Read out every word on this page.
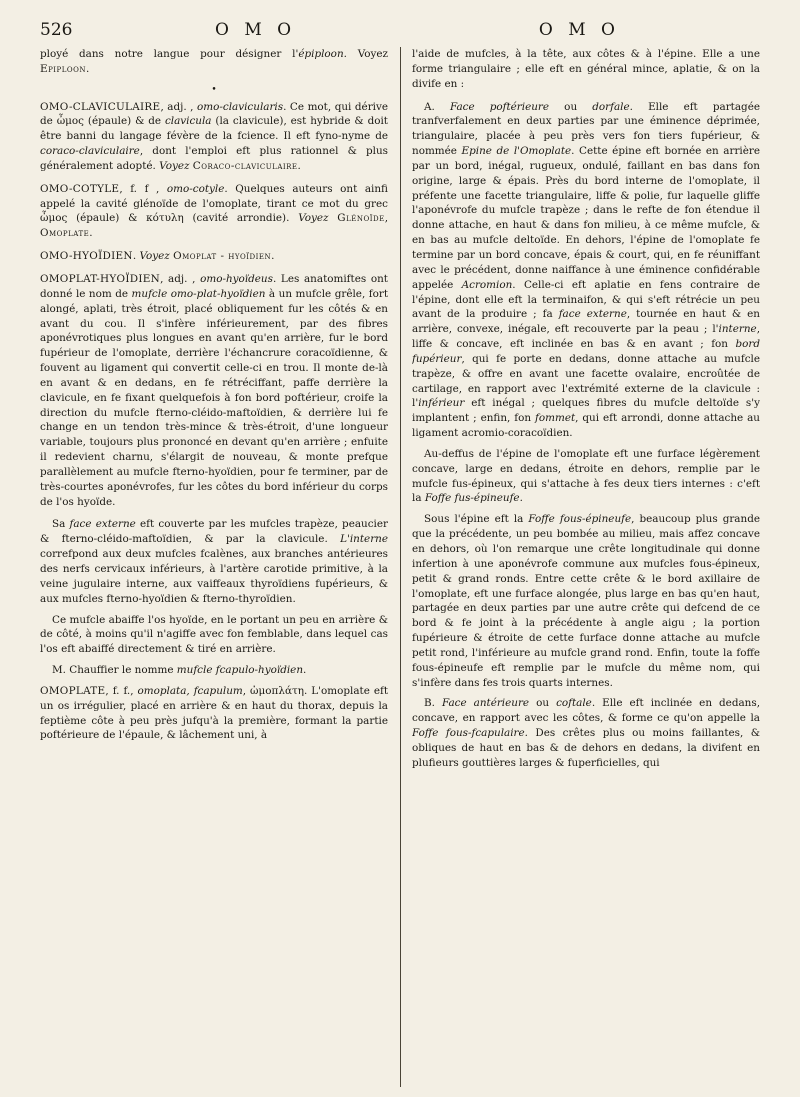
526	O M O	O M O

ployé dans notre langue pour désigner l'épiploon. Voyez Epiploon.

•

OMO-CLAVICULAIRE, adj. , omo-clavicularis. Ce mot, qui dérive de ὦμος (épaule) & de clavicula (la clavicule), est hybride & doit être banni du langage févère de la fcience. Il eft fyno-nyme de coraco-claviculaire, dont l'emploi eft plus rationnel & plus généralement adopté. Voyez Coraco-claviculaire.

OMO-COTYLE, f. f , omo-cotyle. Quelques auteurs ont ainfi appelé la cavité glénoïde de l'omoplate, tirant ce mot du grec ὦμος (épaule) & κότυλη (cavité arrondie). Voyez Glénoïde, Omoplate.

OMO-HYOÏDIEN. Voyez Omoplat - hyoïdien.

OMOPLAT-HYOÏDIEN, adj. , omo-hyoïdeus. Les anatomiftes ont donné le nom de mufcle omo-plat-hyoïdien à un mufcle grêle, fort alongé, aplati, très étroit, placé obliquement fur les côtés & en avant du cou. Il s'infère inférieurement, par des fibres aponévrotiques plus longues en avant qu'en arrière, fur le bord fupérieur de l'omoplate, derrière l'échancrure coracoïdienne, & fouvent au ligament qui convertit celle-ci en trou. Il monte de-là en avant & en dedans, en fe rétréciffant, paffe derrière la clavicule, en fe fixant quelquefois à fon bord poftérieur, croife la direction du mufcle fterno-cléido-maftoïdien, & derrière lui fe change en un tendon très-mince & très-étroit, d'une longueur variable, toujours plus prononcé en devant qu'en arrière ; enfuite il redevient charnu, s'élargit de nouveau, & monte prefque parallèlement au mufcle fterno-hyoïdien, pour fe terminer, par de très-courtes aponévrofes, fur les côtes du bord inférieur du corps de l'os hyoïde.

Sa face externe eft couverte par les mufcles trapèze, peaucier & fterno-cléido-maftoïdien, & par la clavicule. L'interne correfpond aux deux mufcles fcalènes, aux branches antérieures des nerfs cervicaux inférieurs, à l'artère carotide primitive, à la veine jugulaire interne, aux vaiffeaux thyroïdiens fupérieurs, & aux mufcles fterno-hyoïdien & fterno-thyroïdien.

Ce mufcle abaiffe l'os hyoïde, en le portant un peu en arrière & de côté, à moins qu'il n'agiffe avec fon femblable, dans lequel cas l'os eft abaiffé directement & tiré en arrière.

M. Chauffier le nomme mufcle fcapulo-hyoïdien.

OMOPLATE, f. f., omoplata, fcapulum, ὠμοπλάτη. L'omoplate eft un os irrégulier, placé en arrière & en haut du thorax, depuis la feptième côte à peu près jufqu'à la première, formant la partie poftérieure de l'épaule, & lâchement uni, à

l'aide de mufcles, à la tête, aux côtes & à l'épine. Elle a une forme triangulaire ; elle eft en général mince, aplatie, & on la divife en :

A. Face poftérieure ou dorfale. Elle eft partagée tranfverfalement en deux parties par une éminence déprimée, triangulaire, placée à peu près vers fon tiers fupérieur, & nommée Epine de l'Omoplate. Cette épine eft bornée en arrière par un bord, inégal, rugueux, ondulé, faillant en bas dans fon origine, large & épais. Près du bord interne de l'omoplate, il préfente une facette triangulaire, liffe & polie, fur laquelle gliffe l'aponévrofe du mufcle trapèze ; dans le refte de fon étendue il donne attache, en haut & dans fon milieu, à ce même mufcle, & en bas au mufcle deltoïde. En dehors, l'épine de l'omoplate fe termine par un bord concave, épais & court, qui, en fe réuniffant avec le précédent, donne naiffance à une éminence confidérable appelée Acromion. Celle-ci eft aplatie en fens contraire de l'épine, dont elle eft la terminaifon, & qui s'eft rétrécie un peu avant de la produire ; fa face externe, tournée en haut & en arrière, convexe, inégale, eft recouverte par la peau ; l'interne, liffe & concave, eft inclinée en bas & en avant ; fon bord fupérieur, qui fe porte en dedans, donne attache au mufcle trapèze, & offre en avant une facette ovalaire, encroûtée de cartilage, en rapport avec l'extrémité externe de la clavicule : l'inférieur eft inégal ; quelques fibres du mufcle deltoïde s'y implantent ; enfin, fon fommet, qui eft arrondi, donne attache au ligament acromio-coracoïdien.

Au-deffus de l'épine de l'omoplate eft une furface légèrement concave, large en dedans, étroite en dehors, remplie par le mufcle fus-épineux, qui s'attache à fes deux tiers internes : c'eft la Foffe fus-épineufe.

Sous l'épine eft la Foffe fous-épineufe, beaucoup plus grande que la précédente, un peu bombée au milieu, mais affez concave en dehors, où l'on remarque une crête longitudinale qui donne infertion à une aponévrofe commune aux mufcles fous-épineux, petit & grand ronds. Entre cette crête & le bord axillaire de l'omoplate, eft une furface alongée, plus large en bas qu'en haut, partagée en deux parties par une autre crête qui defcend de ce bord & fe joint à la précédente à angle aigu ; la portion fupérieure & étroite de cette furface donne attache au mufcle petit rond, l'inférieure au mufcle grand rond. Enfin, toute la foffe fous-épineufe eft remplie par le mufcle du même nom, qui s'infère dans fes trois quarts internes.

B. Face antérieure ou coftale. Elle eft inclinée en dedans, concave, en rapport avec les côtes, & forme ce qu'on appelle la Foffe fous-fcapulaire. Des crêtes plus ou moins faillantes, & obliques de haut en bas & de dehors en dedans, la divifent en plufieurs gouttières larges & fuperficielles, qui
